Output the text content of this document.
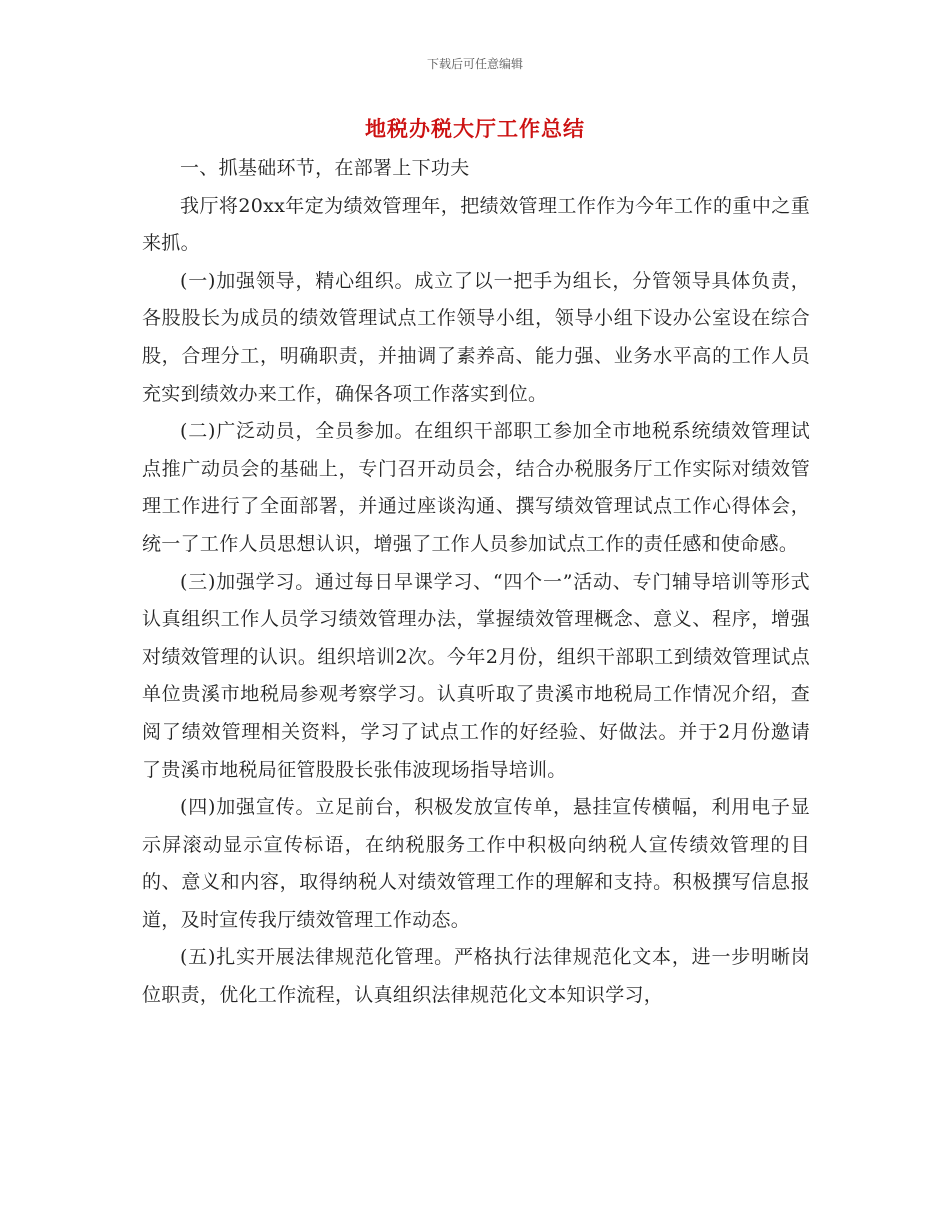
下载后可任意编辑
地税办税大厅工作总结

一、抓基础环节，在部署上下功夫

我厅将20xx年定为绩效管理年，把绩效管理工作作为今年工作的重中之重来抓。

(一)加强领导，精心组织。成立了以一把手为组长，分管领导具体负责，各股股长为成员的绩效管理试点工作领导小组，领导小组下设办公室设在综合股，合理分工，明确职责，并抽调了素养高、能力强、业务水平高的工作人员充实到绩效办来工作，确保各项工作落实到位。

(二)广泛动员，全员参加。在组织干部职工参加全市地税系统绩效管理试点推广动员会的基础上，专门召开动员会，结合办税服务厅工作实际对绩效管理工作进行了全面部署，并通过座谈沟通、撰写绩效管理试点工作心得体会，统一了工作人员思想认识，增强了工作人员参加试点工作的责任感和使命感。

(三)加强学习。通过每日早课学习、“四个一”活动、专门辅导培训等形式认真组织工作人员学习绩效管理办法，掌握绩效管理概念、意义、程序，增强对绩效管理的认识。组织培训2次。今年2月份，组织干部职工到绩效管理试点单位贵溪市地税局参观考察学习。认真听取了贵溪市地税局工作情况介绍，查阅了绩效管理相关资料，学习了试点工作的好经验、好做法。并于2月份邀请了贵溪市地税局征管股股长张伟波现场指导培训。

(四)加强宣传。立足前台，积极发放宣传单，悬挂宣传横幅，利用电子显示屏滚动显示宣传标语，在纳税服务工作中积极向纳税人宣传绩效管理的目的、意义和内容，取得纳税人对绩效管理工作的理解和支持。积极撰写信息报道，及时宣传我厅绩效管理工作动态。

(五)扎实开展法律规范化管理。严格执行法律规范化文本，进一步明晰岗位职责，优化工作流程，认真组织法律规范化文本知识学习，
